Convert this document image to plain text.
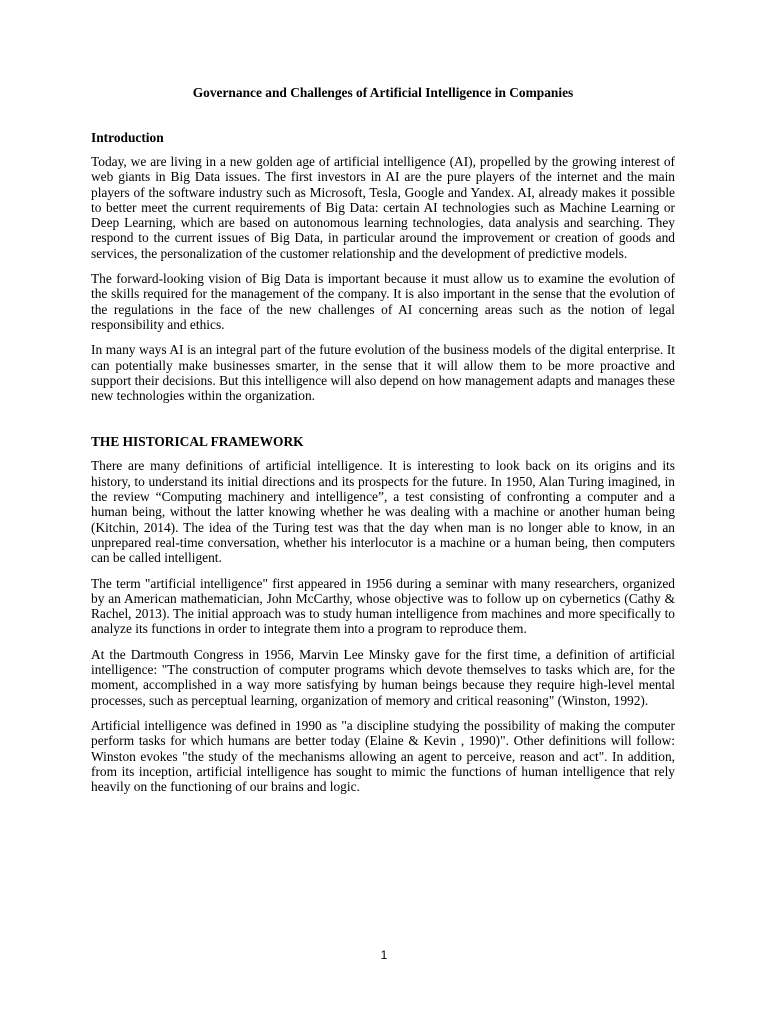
Governance and Challenges of Artificial Intelligence in Companies
Introduction

Today, we are living in a new golden age of artificial intelligence (AI), propelled by the growing interest of web giants in Big Data issues. The first investors in AI are the pure players of the internet and the main players of the software industry such as Microsoft, Tesla, Google and Yandex. AI, already makes it possible to better meet the current requirements of Big Data: certain AI technologies such as Machine Learning or Deep Learning, which are based on autonomous learning technologies, data analysis and searching. They respond to the current issues of Big Data, in particular around the improvement or creation of goods and services, the personalization of the customer relationship and the development of predictive models.

The forward-looking vision of Big Data is important because it must allow us to examine the evolution of the skills required for the management of the company. It is also important in the sense that the evolution of the regulations in the face of the new challenges of AI concerning areas such as the notion of legal responsibility and ethics.

In many ways AI is an integral part of the future evolution of the business models of the digital enterprise. It can potentially make businesses smarter, in the sense that it will allow them to be more proactive and support their decisions. But this intelligence will also depend on how management adapts and manages these new technologies within the organization.

THE HISTORICAL FRAMEWORK

There are many definitions of artificial intelligence. It is interesting to look back on its origins and its history, to understand its initial directions and its prospects for the future. In 1950, Alan Turing imagined, in the review “Computing machinery and intelligence”, a test consisting of confronting a computer and a human being, without the latter knowing whether he was dealing with a machine or another human being (Kitchin, 2014). The idea of the Turing test was that the day when man is no longer able to know, in an unprepared real-time conversation, whether his interlocutor is a machine or a human being, then computers can be called intelligent.

The term "artificial intelligence" first appeared in 1956 during a seminar with many researchers, organized by an American mathematician, John McCarthy, whose objective was to follow up on cybernetics (Cathy & Rachel, 2013). The initial approach was to study human intelligence from machines and more specifically to analyze its functions in order to integrate them into a program to reproduce them.

At the Dartmouth Congress in 1956, Marvin Lee Minsky gave for the first time, a definition of artificial intelligence: "The construction of computer programs which devote themselves to tasks which are, for the moment, accomplished in a way more satisfying by human beings because they require high-level mental processes, such as perceptual learning, organization of memory and critical reasoning" (Winston, 1992).

Artificial intelligence was defined in 1990 as "a discipline studying the possibility of making the computer perform tasks for which humans are better today (Elaine & Kevin , 1990)". Other definitions will follow: Winston evokes "the study of the mechanisms allowing an agent to perceive, reason and act". In addition, from its inception, artificial intelligence has sought to mimic the functions of human intelligence that rely heavily on the functioning of our brains and logic.

1
